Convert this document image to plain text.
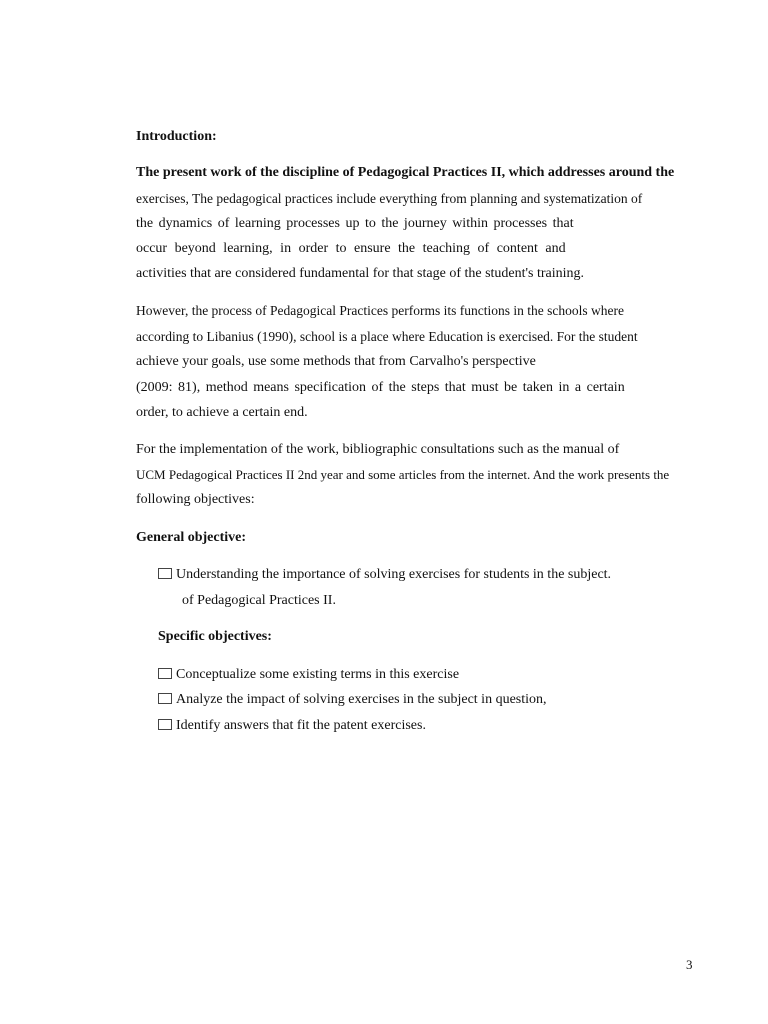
Introduction:
The present work of the discipline of Pedagogical Practices II, which addresses around the
exercises, The pedagogical practices include everything from planning and systematization of
the dynamics of learning processes up to the journey within processes that
occur beyond learning, in order to ensure the teaching of content and
activities that are considered fundamental for that stage of the student's training.
However, the process of Pedagogical Practices performs its functions in the schools where
according to Libanius (1990), school is a place where Education is exercised. For the student
achieve your goals, use some methods that from Carvalho's perspective
(2009: 81), method means specification of the steps that must be taken in a certain
order, to achieve a certain end.
For the implementation of the work, bibliographic consultations such as the manual of
UCM Pedagogical Practices II 2nd year and some articles from the internet. And the work presents the
following objectives:
General objective:
Understanding the importance of solving exercises for students in the subject.
of Pedagogical Practices II.
Specific objectives:
Conceptualize some existing terms in this exercise
Analyze the impact of solving exercises in the subject in question,
Identify answers that fit the patent exercises.
3
